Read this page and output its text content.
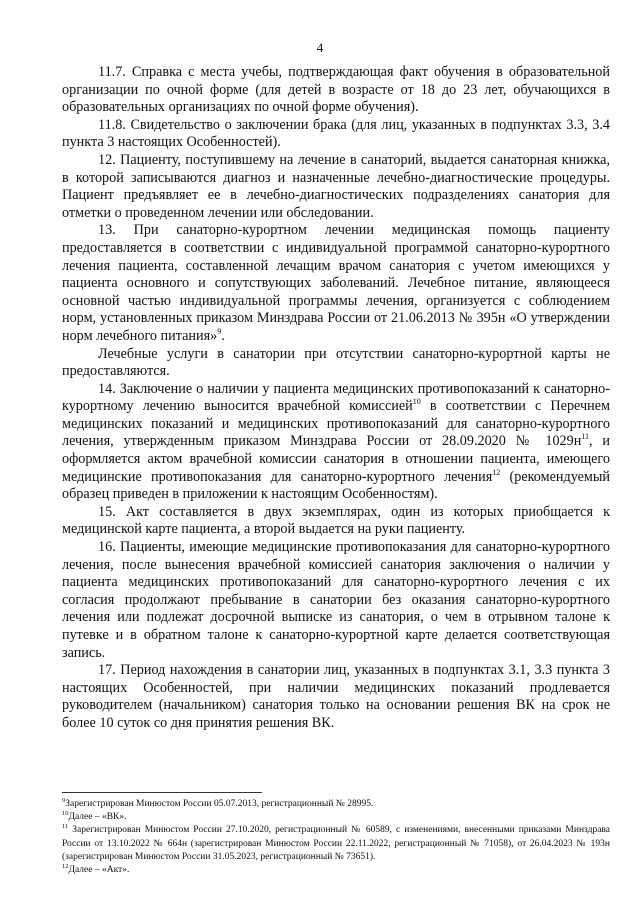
4

11.7. Справка с места учебы, подтверждающая факт обучения в образовательной организации по очной форме (для детей в возрасте от 18 до 23 лет, обучающихся в образовательных организациях по очной форме обучения).

11.8. Свидетельство о заключении брака (для лиц, указанных в подпунктах 3.3, 3.4 пункта 3 настоящих Особенностей).

12. Пациенту, поступившему на лечение в санаторий, выдается санаторная книжка, в которой записываются диагноз и назначенные лечебно-диагностические процедуры. Пациент предъявляет ее в лечебно-диагностических подразделениях санатория для отметки о проведенном лечении или обследовании.

13. При санаторно-курортном лечении медицинская помощь пациенту предоставляется в соответствии с индивидуальной программой санаторно-курортного лечения пациента, составленной лечащим врачом санатория с учетом имеющихся у пациента основного и сопутствующих заболеваний. Лечебное питание, являющееся основной частью индивидуальной программы лечения, организуется с соблюдением норм, установленных приказом Минздрава России от 21.06.2013 № 395н «О утверждении норм лечебного питания»$^9$.

Лечебные услуги в санатории при отсутствии санаторно-курортной карты не предоставляются.

14. Заключение о наличии у пациента медицинских противопоказаний к санаторно-курортному лечению выносится врачебной комиссией$^{10}$ в соответствии с Перечнем медицинских показаний и медицинских противопоказаний для санаторно-курортного лечения, утвержденным приказом Минздрава России от 28.09.2020 № $1029н^{11}$, и оформляется актом врачебной комиссии санатория в отношении пациента, имеющего медицинские противопоказания для санаторно-курортного лечения$^{12}$ (рекомендуемый образец приведен в приложении к настоящим Особенностям).

15. Акт составляется в двух экземплярах, один из которых приобщается к медицинской карте пациента, а второй выдается на руки пациенту.

16. Пациенты, имеющие медицинские противопоказания для санаторно-курортного лечения, после вынесения врачебной комиссией санатория заключения о наличии у пациента медицинских противопоказаний для санаторно-курортного лечения с их согласия продолжают пребывание в санатории без оказания санаторно-курортного лечения или подлежат досрочной выписке из санатория, о чем в отрывном талоне к путевке и в обратном талоне к санаторно-курортной карте делается соответствующая запись.

17. Период нахождения в санатории лиц, указанных в подпунктах 3.1, 3.3 пункта 3 настоящих Особенностей, при наличии медицинских показаний продлевается руководителем (начальником) санатория только на основании решения ВК на срок не более 10 суток со дня принятия решения ВК.

$^9$Зарегистрирован Минюстом России 05.07.2013, регистрационный № 28995.

$^{10}$Далее – «ВК».

$^{11}$ Зарегистрирован Минюстом России 27.10.2020, регистрационный № 60589, с изменениями, внесенными приказами Минздрава России от 13.10.2022 № 664н (зарегистрирован Минюстом России 22.11.2022, регистрационный № 71058), от 26.04.2023 № 193н (зарегистрирован Минюстом России 31.05.2023, регистрационный № 73651).

$^{12}$Далее – «Акт».
